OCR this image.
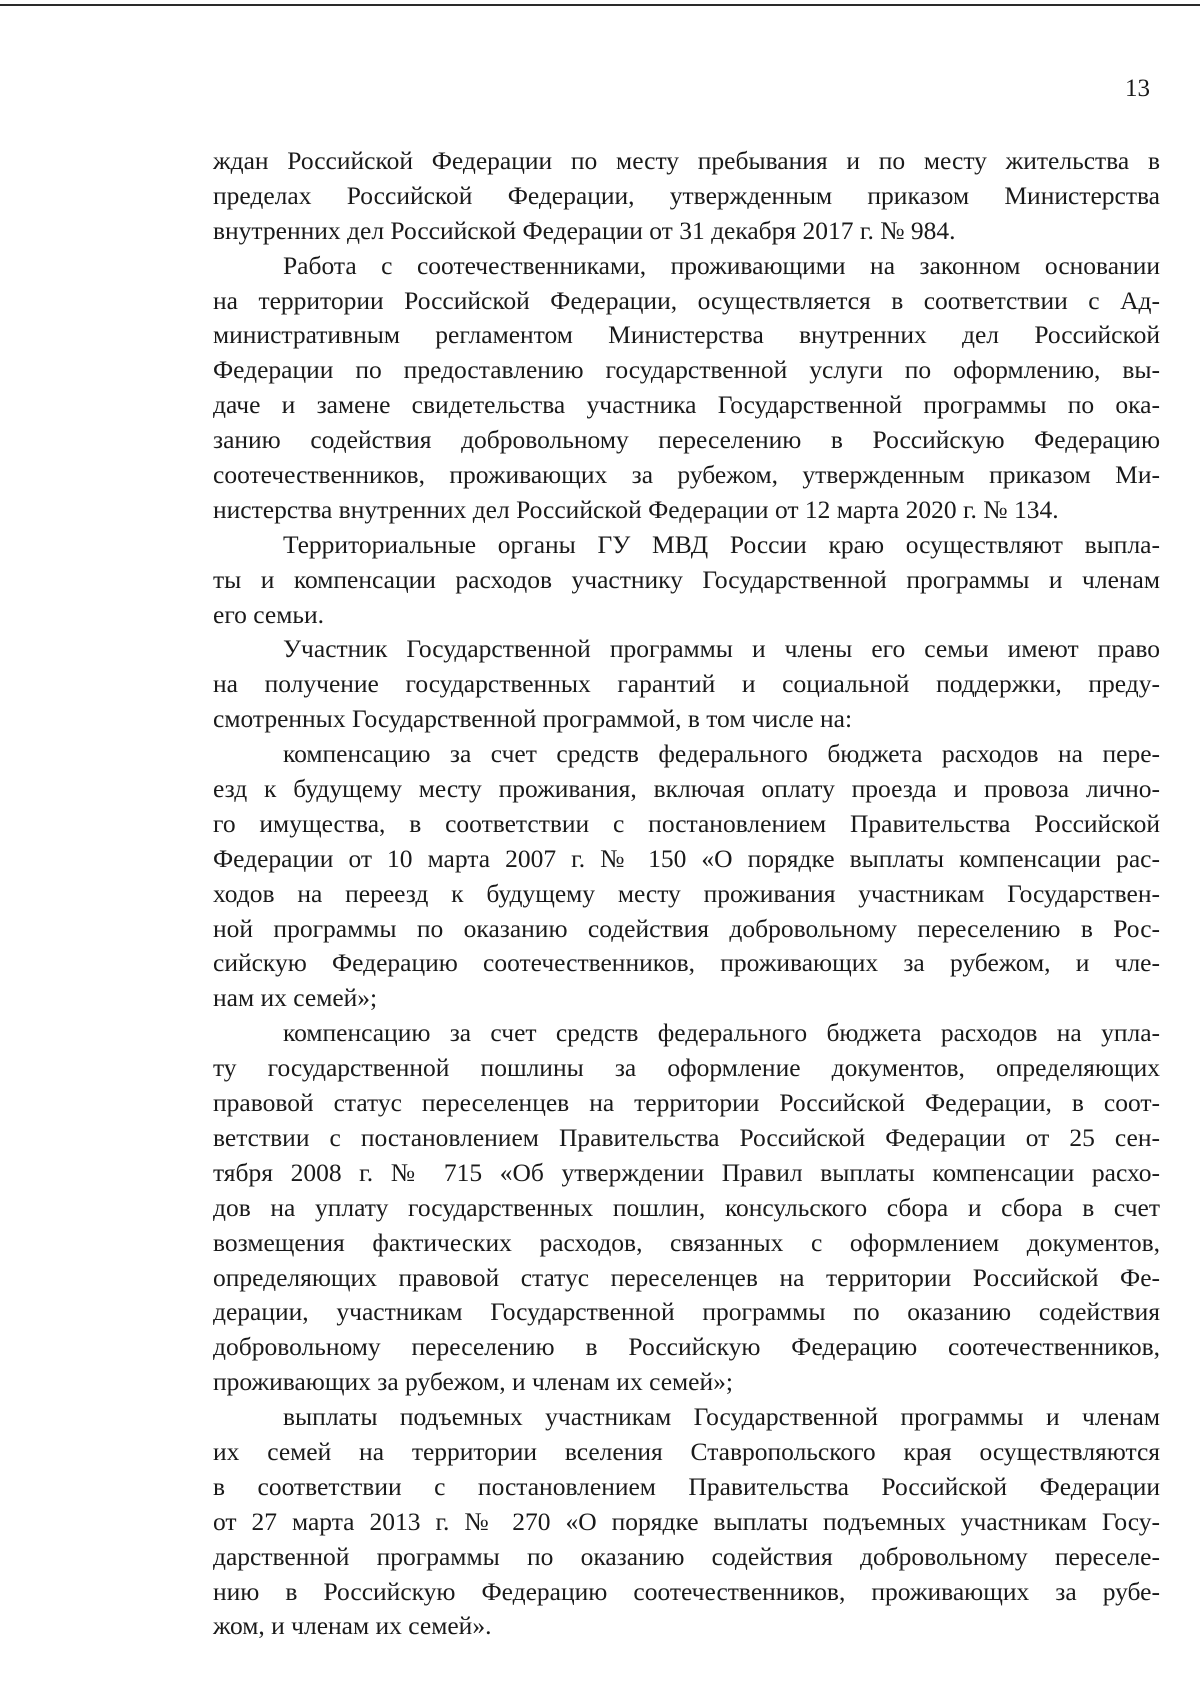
13
ждан Российской Федерации по месту пребывания и по месту жительства в
пределах Российской Федерации, утвержденным приказом Министерства
внутренних дел Российской Федерации от 31 декабря 2017 г. № 984.
Работа с соотечественниками, проживающими на законном основании
на территории Российской Федерации, осуществляется в соответствии с Ад-
министративным регламентом Министерства внутренних дел Российской
Федерации по предоставлению государственной услуги по оформлению, вы-
даче и замене свидетельства участника Государственной программы по ока-
занию содействия добровольному переселению в Российскую Федерацию
соотечественников, проживающих за рубежом, утвержденным приказом Ми-
нистерства внутренних дел Российской Федерации от 12 марта 2020 г. № 134.
Территориальные органы ГУ МВД России краю осуществляют выпла-
ты и компенсации расходов участнику Государственной программы и членам
его семьи.
Участник Государственной программы и члены его семьи имеют право
на получение государственных гарантий и социальной поддержки, преду-
смотренных Государственной программой, в том числе на:
компенсацию за счет средств федерального бюджета расходов на пере-
езд к будущему месту проживания, включая оплату проезда и провоза лично-
го имущества, в соответствии с постановлением Правительства Российской
Федерации от 10 марта 2007 г. № 150 «О порядке выплаты компенсации рас-
ходов на переезд к будущему месту проживания участникам Государствен-
ной программы по оказанию содействия добровольному переселению в Рос-
сийскую Федерацию соотечественников, проживающих за рубежом, и чле-
нам их семей»;
компенсацию за счет средств федерального бюджета расходов на упла-
ту государственной пошлины за оформление документов, определяющих
правовой статус переселенцев на территории Российской Федерации, в соот-
ветствии с постановлением Правительства Российской Федерации от 25 сен-
тября 2008 г. № 715 «Об утверждении Правил выплаты компенсации расхо-
дов на уплату государственных пошлин, консульского сбора и сбора в счет
возмещения фактических расходов, связанных с оформлением документов,
определяющих правовой статус переселенцев на территории Российской Фе-
дерации, участникам Государственной программы по оказанию содействия
добровольному переселению в Российскую Федерацию соотечественников,
проживающих за рубежом, и членам их семей»;
выплаты подъемных участникам Государственной программы и членам
их семей на территории вселения Ставропольского края осуществляются
в соответствии с постановлением Правительства Российской Федерации
от 27 марта 2013 г. № 270 «О порядке выплаты подъемных участникам Госу-
дарственной программы по оказанию содействия добровольному переселе-
нию в Российскую Федерацию соотечественников, проживающих за рубе-
жом, и членам их семей».
